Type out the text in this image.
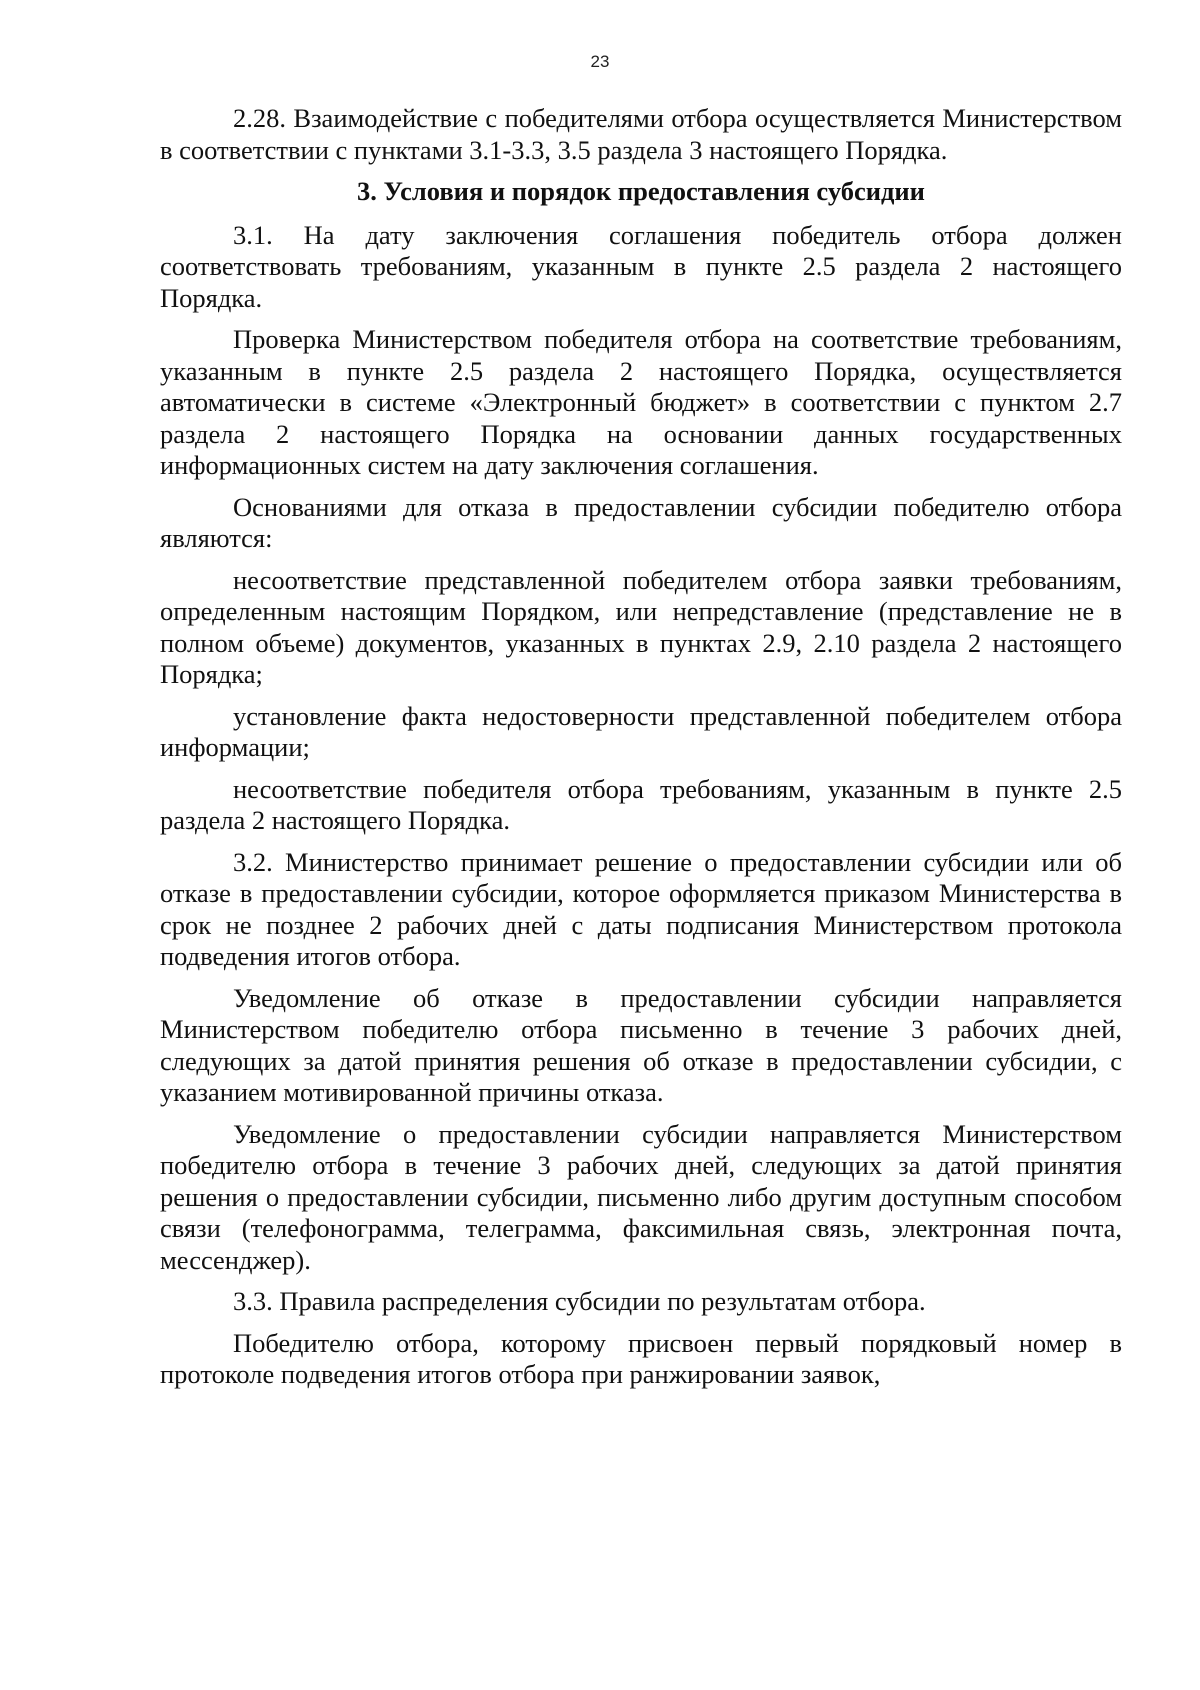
23

2.28. Взаимодействие с победителями отбора осуществляется Министерством в соответствии с пунктами 3.1-3.3, 3.5 раздела 3 настоящего Порядка.

3. Условия и порядок предоставления субсидии

3.1. На дату заключения соглашения победитель отбора должен соответствовать требованиям, указанным в пункте 2.5 раздела 2 настоящего Порядка.

Проверка Министерством победителя отбора на соответствие требованиям, указанным в пункте 2.5 раздела 2 настоящего Порядка, осуществляется автоматически в системе «Электронный бюджет» в соответствии с пунктом 2.7 раздела 2 настоящего Порядка на основании данных государственных информационных систем на дату заключения соглашения.

Основаниями для отказа в предоставлении субсидии победителю отбора являются:

несоответствие представленной победителем отбора заявки требованиям, определенным настоящим Порядком, или непредставление (представление не в полном объеме) документов, указанных в пунктах 2.9, 2.10 раздела 2 настоящего Порядка;

установление факта недостоверности представленной победителем отбора информации;

несоответствие победителя отбора требованиям, указанным в пункте 2.5 раздела 2 настоящего Порядка.

3.2. Министерство принимает решение о предоставлении субсидии или об отказе в предоставлении субсидии, которое оформляется приказом Министерства в срок не позднее 2 рабочих дней с даты подписания Министерством протокола подведения итогов отбора.

Уведомление об отказе в предоставлении субсидии направляется Министерством победителю отбора письменно в течение 3 рабочих дней, следующих за датой принятия решения об отказе в предоставлении субсидии, с указанием мотивированной причины отказа.

Уведомление о предоставлении субсидии направляется Министерством победителю отбора в течение 3 рабочих дней, следующих за датой принятия решения о предоставлении субсидии, письменно либо другим доступным способом связи (телефонограмма, телеграмма, факсимильная связь, электронная почта, мессенджер).

3.3. Правила распределения субсидии по результатам отбора.

Победителю отбора, которому присвоен первый порядковый номер в протоколе подведения итогов отбора при ранжировании заявок,
